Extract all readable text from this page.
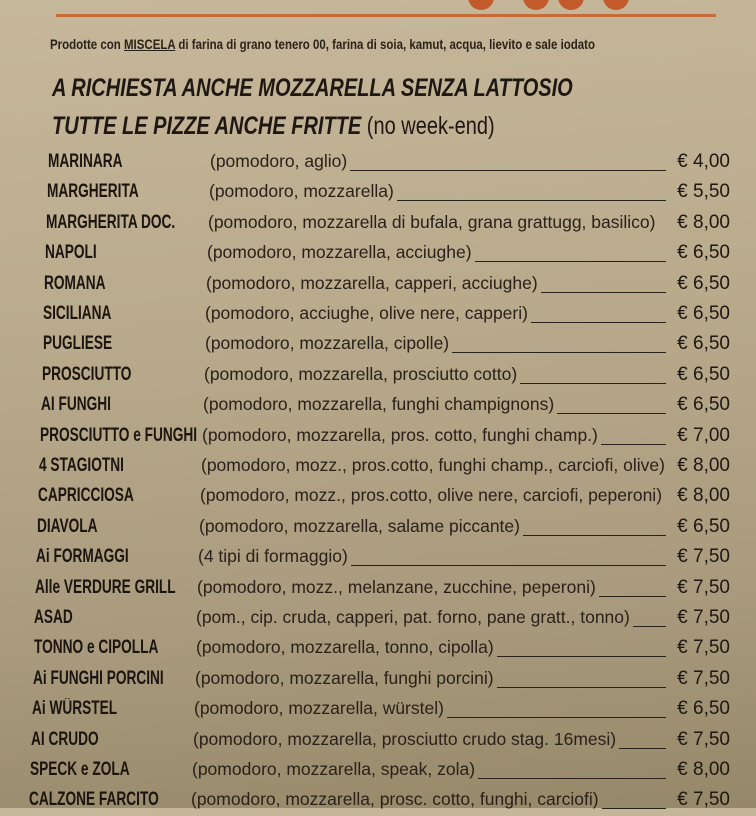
Prodotte con MISCELA di farina di grano tenero 00, farina di soia, kamut, acqua, lievito e sale iodato
A RICHIESTA ANCHE MOZZARELLA SENZA LATTOSIO
TUTTE LE PIZZE ANCHE FRITTE (no week-end)
MARINARA	(pomodoro, aglio)	€ 4,00
MARGHERITA	(pomodoro, mozzarella)	€ 5,50
MARGHERITA DOC. (pomodoro, mozzarella di bufala, grana grattugg, basilico) € 8,00
NAPOLI	(pomodoro, mozzarella, acciughe)	€ 6,50
ROMANA	(pomodoro, mozzarella, capperi, acciughe)	€ 6,50
SICILIANA	(pomodoro, acciughe, olive nere, capperi)	€ 6,50
PUGLIESE	(pomodoro, mozzarella, cipolle)	€ 6,50
PROSCIUTTO	(pomodoro, mozzarella, prosciutto cotto)	€ 6,50
AI FUNGHI	(pomodoro, mozzarella, funghi champignons)	€ 6,50
PROSCIUTTO e FUNGHI (pomodoro, mozzarella, pros. cotto, funghi champ.)	€ 7,00
4 STAGIOTNI	(pomodoro, mozz., pros.cotto, funghi champ., carciofi, olive) € 8,00
CAPRICCIOSA	(pomodoro, mozz., pros.cotto, olive nere, carciofi, peperoni) € 8,00
DIAVOLA	(pomodoro, mozzarella, salame piccante)	€ 6,50
Ai FORMAGGI	(4 tipi di formaggio)	€ 7,50
Alle VERDURE GRILL (pomodoro, mozz., melanzane, zucchine, peperoni)	€ 7,50
ASAD	(pom., cip. cruda, capperi, pat. forno, pane gratt., tonno) € 7,50
TONNO e CIPOLLA (pomodoro, mozzarella, tonno, cipolla)	€ 7,50
Ai FUNGHI PORCINI (pomodoro, mozzarella, funghi porcini)	€ 7,50
Ai WÜRSTEL	(pomodoro, mozzarella, würstel)	€ 6,50
AI CRUDO	(pomodoro, mozzarella, prosciutto crudo stag. 16mesi)	€ 7,50
SPECK e ZOLA	(pomodoro, mozzarella, speak, zola)	€ 8,00
CALZONE FARCITO (pomodoro, mozzarella, prosc. cotto, funghi, carciofi)	€ 7,50
